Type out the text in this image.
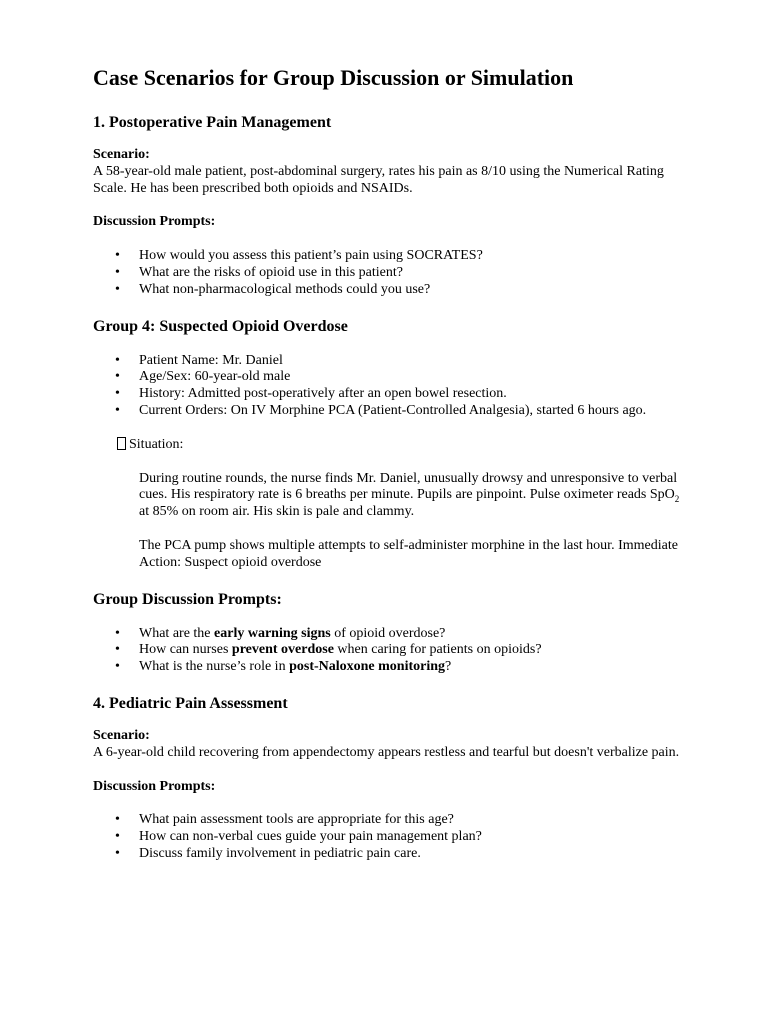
Case Scenarios for Group Discussion or Simulation
1. Postoperative Pain Management
Scenario:

A 58-year-old male patient, post-abdominal surgery, rates his pain as 8/10 using the Numerical Rating Scale. He has been prescribed both opioids and NSAIDs.

Discussion Prompts:
• How would you assess this patient’s pain using SOCRATES?
• What are the risks of opioid use in this patient?
• What non-pharmacological methods could you use?
Group 4: Suspected Opioid Overdose
• Patient Name: Mr. Daniel
• Age/Sex: 60-year-old male
• History: Admitted post-operatively after an open bowel resection.
• Current Orders: On IV Morphine PCA (Patient-Controlled Analgesia), started 6 hours ago.

Situation:

During routine rounds, the nurse finds Mr. Daniel, unusually drowsy and unresponsive to verbal cues. His respiratory rate is 6 breaths per minute. Pupils are pinpoint. Pulse oximeter reads SpO$_2$ at 85% on room air. His skin is pale and clammy.

The PCA pump shows multiple attempts to self-administer morphine in the last hour. Immediate Action: Suspect opioid overdose

Group Discussion Prompts:
• What are the early warning signs of opioid overdose?
• How can nurses prevent overdose when caring for patients on opioids?
• What is the nurse’s role in post-Naloxone monitoring?
4. Pediatric Pain Assessment
Scenario:

A 6-year-old child recovering from appendectomy appears restless and tearful but doesn't verbalize pain.

Discussion Prompts:
• What pain assessment tools are appropriate for this age?
• How can non-verbal cues guide your pain management plan?
• Discuss family involvement in pediatric pain care.
